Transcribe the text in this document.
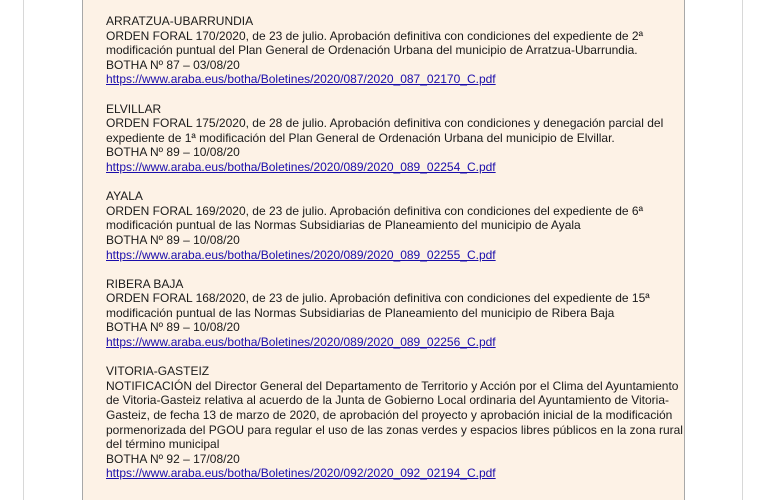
ARRATZUA-UBARRUNDIA
ORDEN FORAL 170/2020, de 23 de julio. Aprobación definitiva con condiciones del expediente de 2ª modificación puntual del Plan General de Ordenación Urbana del municipio de Arratzua-Ubarrundia.
BOTHA Nº 87 – 03/08/20
https://www.araba.eus/botha/Boletines/2020/087/2020_087_02170_C.pdf
ELVILLAR
ORDEN FORAL 175/2020, de 28 de julio. Aprobación definitiva con condiciones y denegación parcial del expediente de 1ª modificación del Plan General de Ordenación Urbana del municipio de Elvillar.
BOTHA Nº 89 – 10/08/20
https://www.araba.eus/botha/Boletines/2020/089/2020_089_02254_C.pdf
AYALA
ORDEN FORAL 169/2020, de 23 de julio. Aprobación definitiva con condiciones del expediente de 6ª modificación puntual de las Normas Subsidiarias de Planeamiento del municipio de Ayala
BOTHA Nº 89 – 10/08/20
https://www.araba.eus/botha/Boletines/2020/089/2020_089_02255_C.pdf
RIBERA BAJA
ORDEN FORAL 168/2020, de 23 de julio. Aprobación definitiva con condiciones del expediente de 15ª modificación puntual de las Normas Subsidiarias de Planeamiento del municipio de Ribera Baja
BOTHA Nº 89 – 10/08/20
https://www.araba.eus/botha/Boletines/2020/089/2020_089_02256_C.pdf
VITORIA-GASTEIZ
NOTIFICACIÓN del Director General del Departamento de Territorio y Acción por el Clima del Ayuntamiento de Vitoria-Gasteiz relativa al acuerdo de la Junta de Gobierno Local ordinaria del Ayuntamiento de Vitoria-Gasteiz, de fecha 13 de marzo de 2020, de aprobación del proyecto y aprobación inicial de la modificación pormenorizada del PGOU para regular el uso de las zonas verdes y espacios libres públicos en la zona rural del término municipal
BOTHA Nº 92 – 17/08/20
https://www.araba.eus/botha/Boletines/2020/092/2020_092_02194_C.pdf
